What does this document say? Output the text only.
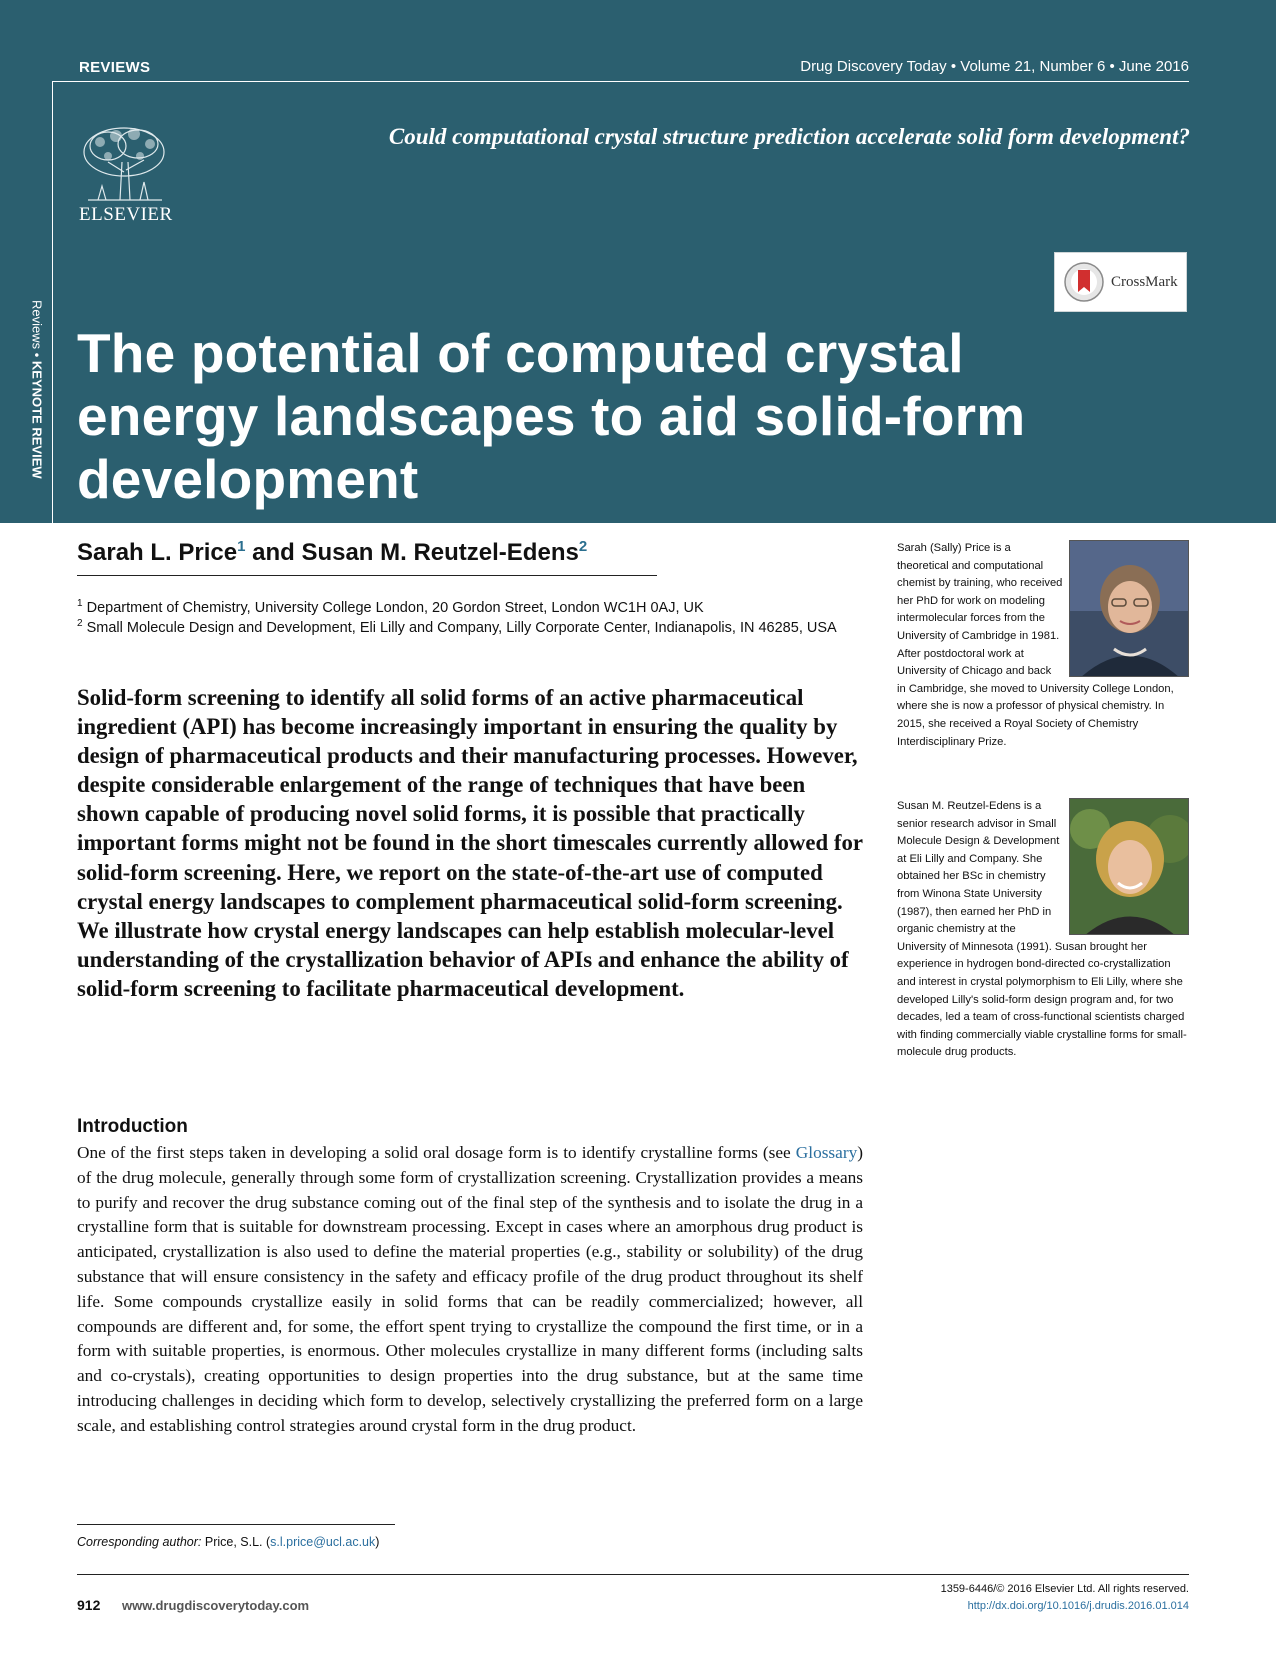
REVIEWS	Drug Discovery Today • Volume 21, Number 6 • June 2016
ELSEVIER
Could computational crystal structure prediction accelerate solid form development?
CrossMark
Reviews • KEYNOTE REVIEW
The potential of computed crystal energy landscapes to aid solid-form development
Sarah L. Price$^1$ and Susan M. Reutzel-Edens$^2$
$^1$ Department of Chemistry, University College London, 20 Gordon Street, London WC1H 0AJ, UK
$^2$ Small Molecule Design and Development, Eli Lilly and Company, Lilly Corporate Center, Indianapolis, IN 46285, USA

Solid-form screening to identify all solid forms of an active pharmaceutical ingredient (API) has become increasingly important in ensuring the quality by design of pharmaceutical products and their manufacturing processes. However, despite considerable enlargement of the range of techniques that have been shown capable of producing novel solid forms, it is possible that practically important forms might not be found in the short timescales currently allowed for solid-form screening. Here, we report on the state-of-the-art use of computed crystal energy landscapes to complement pharmaceutical solid-form screening. We illustrate how crystal energy landscapes can help establish molecular-level understanding of the crystallization behavior of APIs and enhance the ability of solid-form screening to facilitate pharmaceutical development.

Introduction

One of the first steps taken in developing a solid oral dosage form is to identify crystalline forms (see Glossary) of the drug molecule, generally through some form of crystallization screening. Crystallization provides a means to purify and recover the drug substance coming out of the final step of the synthesis and to isolate the drug in a crystalline form that is suitable for downstream processing. Except in cases where an amorphous drug product is anticipated, crystallization is also used to define the material properties (e.g., stability or solubility) of the drug substance that will ensure consistency in the safety and efficacy profile of the drug product throughout its shelf life. Some compounds crystallize easily in solid forms that can be readily commercialized; however, all compounds are different and, for some, the effort spent trying to crystallize the compound the first time, or in a form with suitable properties, is enormous. Other molecules crystallize in many different forms (including salts and co-crystals), creating opportunities to design properties into the drug substance, but at the same time introducing challenges in deciding which form to develop, selectively crystallizing the preferred form on a large scale, and establishing control strategies around crystal form in the drug product.

Sarah (Sally) Price is a theoretical and computational chemist by training, who received her PhD for work on modeling intermolecular forces from the University of Cambridge in 1981. After postdoctoral work at University of Chicago and back in Cambridge, she moved to University College London, where she is now a professor of physical chemistry. In 2015, she received a Royal Society of Chemistry Interdisciplinary Prize.
Susan M. Reutzel-Edens is a senior research advisor in Small Molecule Design & Development at Eli Lilly and Company. She obtained her BSc in chemistry from Winona State University (1987), then earned her PhD in organic chemistry at the University of Minnesota (1991). Susan brought her experience in hydrogen bond-directed co-crystallization and interest in crystal polymorphism to Eli Lilly, where she developed Lilly's solid-form design program and, for two decades, led a team of cross-functional scientists charged with finding commercially viable crystalline forms for small-molecule drug products.
Corresponding author: Price, S.L. (s.l.price@ucl.ac.uk)
912 www.drugdiscoverytoday.com
1359-6446/© 2016 Elsevier Ltd. All rights reserved.
http://dx.doi.org/10.1016/j.drudis.2016.01.014
